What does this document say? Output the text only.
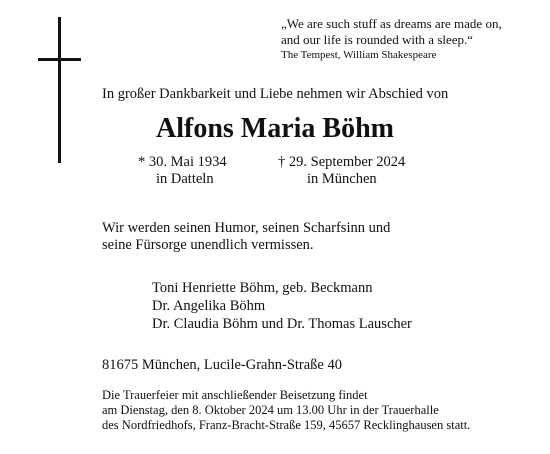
„We are such stuff as dreams are made on,
and our life is rounded with a sleep.“
The Tempest, William Shakespeare
In großer Dankbarkeit und Liebe nehmen wir Abschied von
Alfons Maria Böhm
* 30. Mai 1934
in Datteln
† 29. September 2024
in München
Wir werden seinen Humor, seinen Scharfsinn und
seine Fürsorge unendlich vermissen.
Toni Henriette Böhm, geb. Beckmann
Dr. Angelika Böhm
Dr. Claudia Böhm und Dr. Thomas Lauscher
81675 München, Lucile-Grahn-Straße 40
Die Trauerfeier mit anschließender Beisetzung findet
am Dienstag, den 8. Oktober 2024 um 13.00 Uhr in der Trauerhalle
des Nordfriedhofs, Franz-Bracht-Straße 159, 45657 Recklinghausen statt.
